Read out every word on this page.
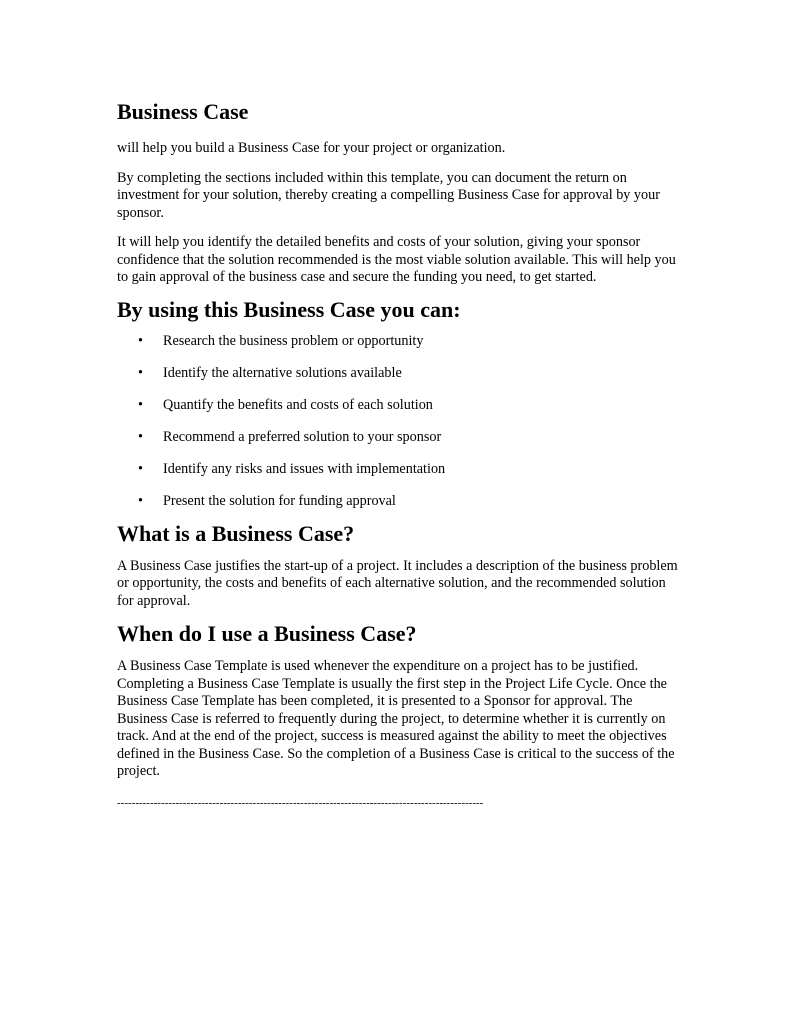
Business Case

will help you build a Business Case for your project or organization.

By completing the sections included within this template, you can document the return on investment for your solution, thereby creating a compelling Business Case for approval by your sponsor.

It will help you identify the detailed benefits and costs of your solution, giving your sponsor confidence that the solution recommended is the most viable solution available. This will help you to gain approval of the business case and secure the funding you need, to get started.

By using this Business Case you can:
• Research the business problem or opportunity
• Identify the alternative solutions available
• Quantify the benefits and costs of each solution
• Recommend a preferred solution to your sponsor
• Identify any risks and issues with implementation
• Present the solution for funding approval
What is a Business Case?

A Business Case justifies the start-up of a project. It includes a description of the business problem or opportunity, the costs and benefits of each alternative solution, and the recommended solution for approval.

When do I use a Business Case?

A Business Case Template is used whenever the expenditure on a project has to be justified. Completing a Business Case Template is usually the first step in the Project Life Cycle. Once the Business Case Template has been completed, it is presented to a Sponsor for approval. The Business Case is referred to frequently during the project, to determine whether it is currently on track. And at the end of the project, success is measured against the ability to meet the objectives defined in the Business Case. So the completion of a Business Case is critical to the success of the project.

----------------------------------------------------------------------------------------------------
